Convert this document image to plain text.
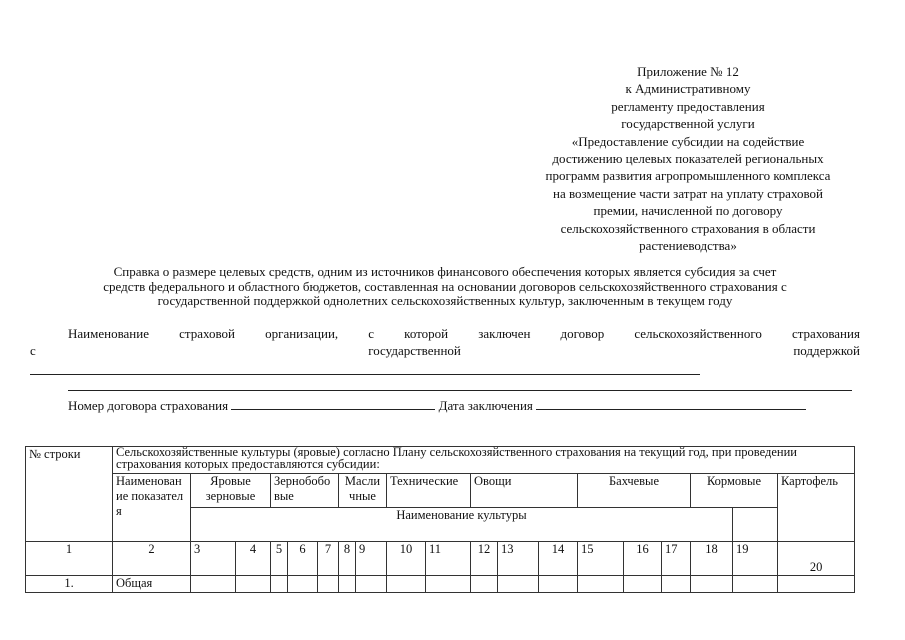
Приложение № 12
к Административному
регламенту предоставления
государственной услуги
«Предоставление субсидии на содействие
достижению целевых показателей региональных
программ развития агропромышленного комплекса
на возмещение части затрат на уплату страховой
премии, начисленной по договору
сельскохозяйственного страхования в области
растениеводства»
Справка о размере целевых средств, одним из источников финансового обеспечения которых является субсидия за счет
средств федерального и областного бюджетов, составленная на основании договоров сельскохозяйственного страхования с
государственной поддержкой однолетних сельскохозяйственных культур, заключенным в текущем году
Наименование страховой организации, с которой заключен договор сельскохозяйственного страхования
с	государственной	поддержкой
Номер договора страхования	Дата заключения
№ строки	Сельскохозяйственные культуры (яровые) согласно Плану сельскохозяйственного страхования на текущий год, при проведении страхования которых предоставляются субсидии:																			
	Наименование показателя	Яровые зерновые		Зернобобовые			Масличные		Технические		Овощи			Бахчевые			Кормовые		Картофель	
		Наименование культуры																		
1	2	3	4	5	6	7	8	9	10	11	12	13	14	15	16	17	18	19	20	
1.	Общая																			
